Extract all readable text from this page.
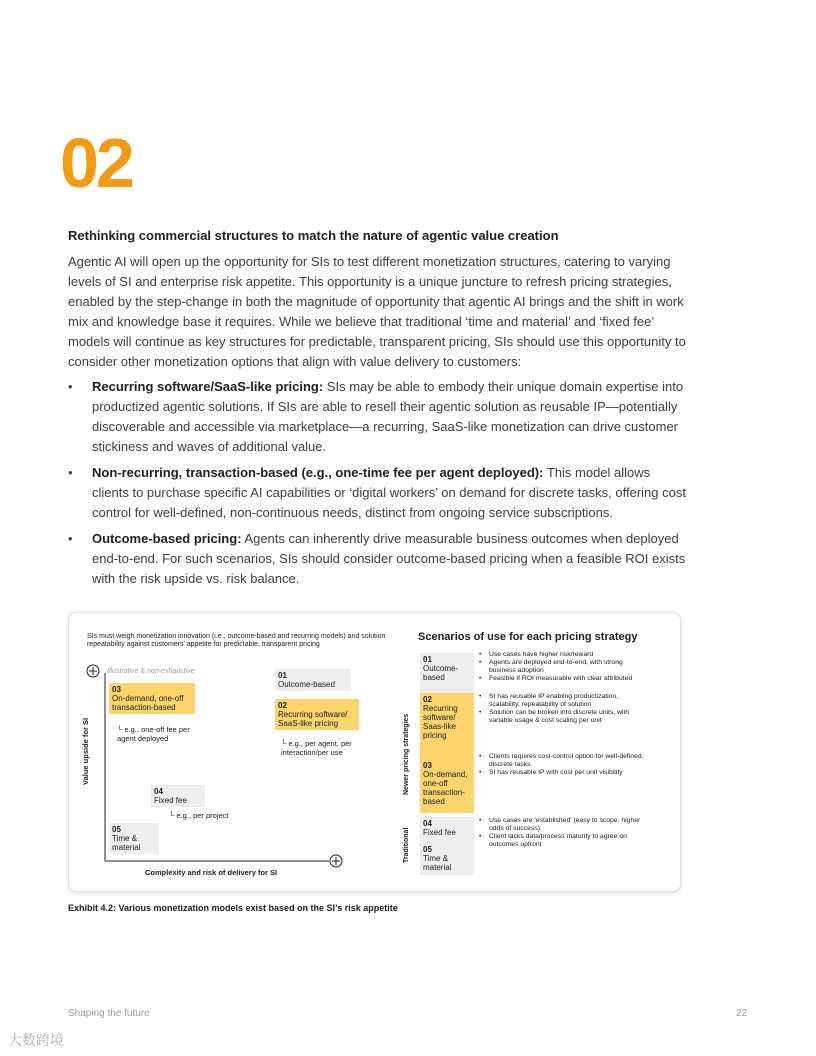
02
Rethinking commercial structures to match the nature of agentic value creation
Agentic AI will open up the opportunity for SIs to test different monetization structures, catering to varying levels of SI and enterprise risk appetite. This opportunity is a unique juncture to refresh pricing strategies, enabled by the step-change in both the magnitude of opportunity that agentic AI brings and the shift in work mix and knowledge base it requires. While we believe that traditional ‘time and material’ and ‘fixed fee’ models will continue as key structures for predictable, transparent pricing, SIs should use this opportunity to consider other monetization options that align with value delivery to customers:
• Recurring software/SaaS-like pricing: SIs may be able to embody their unique domain expertise into productized agentic solutions. If SIs are able to resell their agentic solution as reusable IP—potentially discoverable and accessible via marketplace—a recurring, SaaS-like monetization can drive customer stickiness and waves of additional value.
• Non-recurring, transaction-based (e.g., one-time fee per agent deployed): This model allows clients to purchase specific AI capabilities or ‘digital workers’ on demand for discrete tasks, offering cost control for well-defined, non-continuous needs, distinct from ongoing service subscriptions.
• Outcome-based pricing: Agents can inherently drive measurable business outcomes when deployed end-to-end. For such scenarios, SIs should consider outcome-based pricing when a feasible ROI exists with the risk upside vs. risk balance.
SIs must weigh monetization innovation (i.e., outcome-based and recurring models) and solution repeatability against customers’ appetite for predictable, transparent pricing
Illustrative & non-exhaustive
Value upside for SI
Complexity and risk of delivery for SI
03
On-demand, one-off transaction-based
└ e.g., one-off fee per agent deployed
01
Outcome-based
02
Recurring software/ SaaS-like pricing
└ e.g., per agent, per interaction/per use
04
Fixed fee
└ e.g., per project
05
Time & material
Scenarios of use for each pricing strategy
Newer pricing strategies
Traditional
01
Outcome-based
• Use cases have higher risk/reward
• Agents are deployed end-to-end, with strong business adoption
• Feasible if ROI measurable with clear attributed
02
Recurring software/ Saas-like pricing
• SI has reusable IP enabling productization, scalability, repeatability of solution
• Solution can be broken into discrete units, with variable usage & cost scaling per unit
03
On-demand, one-off transaction-based
• Clients requires cost-control option for well-defined, discrete tasks
• SI has reusable IP with cost per unit visibility
04
Fixed fee
• Use cases are ‘established’ (easy to scope, higher odds of success)
• Client lacks data/process maturity to agree on outcomes upfront
05
Time & material
Exhibit 4.2: Various monetization models exist based on the SI’s risk appetite
Shaping the future	22
大数跨境
